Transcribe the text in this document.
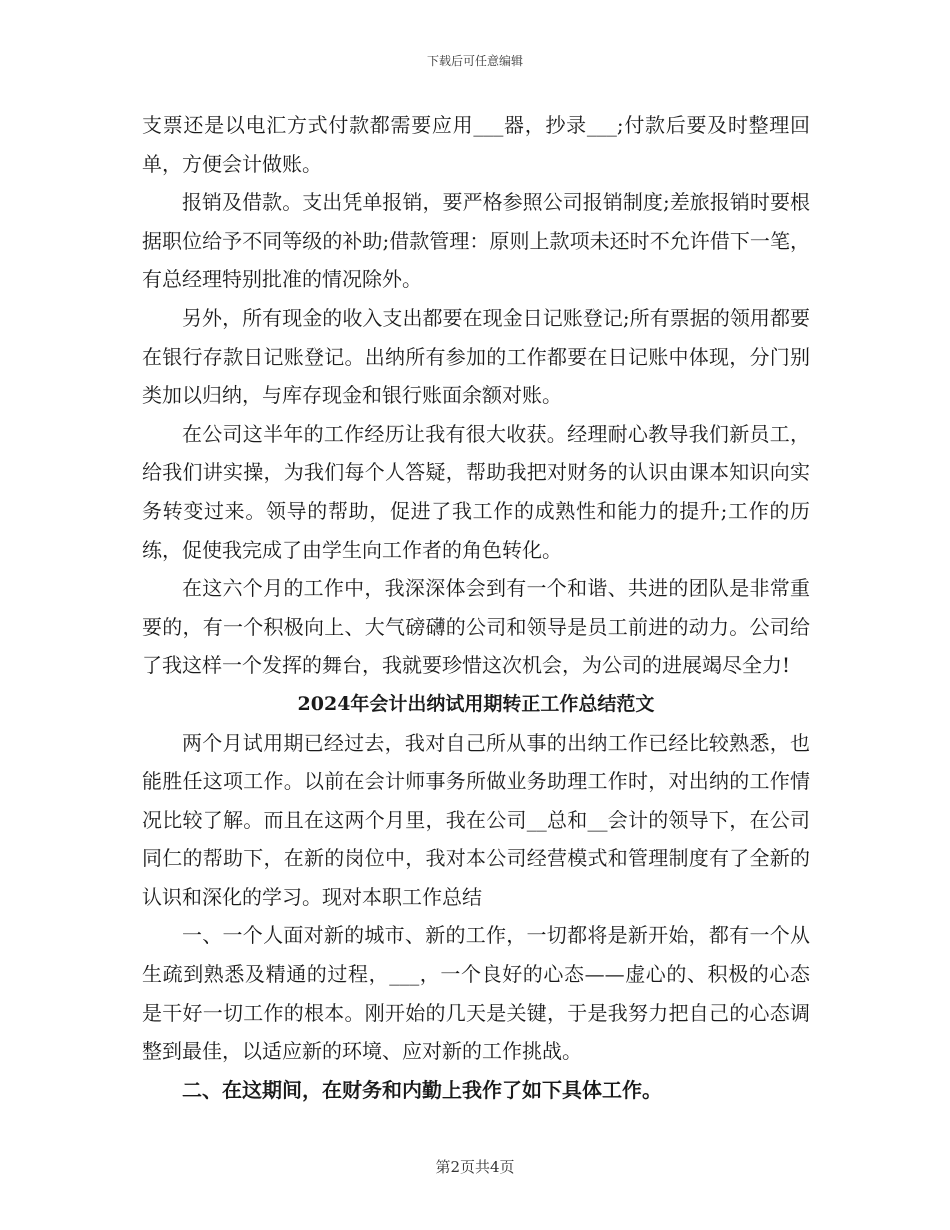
下载后可任意编辑

支票还是以电汇方式付款都需要应用___器，抄录___;付款后要及时整理回单，方便会计做账。

报销及借款。支出凭单报销，要严格参照公司报销制度;差旅报销时要根据职位给予不同等级的补助;借款管理：原则上款项未还时不允许借下一笔，有总经理特别批准的情况除外。

另外，所有现金的收入支出都要在现金日记账登记;所有票据的领用都要在银行存款日记账登记。出纳所有参加的工作都要在日记账中体现，分门别类加以归纳，与库存现金和银行账面余额对账。

在公司这半年的工作经历让我有很大收获。经理耐心教导我们新员工，给我们讲实操，为我们每个人答疑，帮助我把对财务的认识由课本知识向实务转变过来。领导的帮助，促进了我工作的成熟性和能力的提升;工作的历练，促使我完成了由学生向工作者的角色转化。

在这六个月的工作中，我深深体会到有一个和谐、共进的团队是非常重要的，有一个积极向上、大气磅礴的公司和领导是员工前进的动力。公司给了我这样一个发挥的舞台，我就要珍惜这次机会，为公司的进展竭尽全力!

2024年会计出纳试用期转正工作总结范文

两个月试用期已经过去，我对自己所从事的出纳工作已经比较熟悉，也能胜任这项工作。以前在会计师事务所做业务助理工作时，对出纳的工作情况比较了解。而且在这两个月里，我在公司__总和__会计的领导下，在公司同仁的帮助下，在新的岗位中，我对本公司经营模式和管理制度有了全新的认识和深化的学习。现对本职工作总结

一、一个人面对新的城市、新的工作，一切都将是新开始，都有一个从生疏到熟悉及精通的过程，___，一个良好的心态——虚心的、积极的心态是干好一切工作的根本。刚开始的几天是关键，于是我努力把自己的心态调整到最佳，以适应新的环境、应对新的工作挑战。

二、在这期间，在财务和内勤上我作了如下具体工作。

第2页共4页
